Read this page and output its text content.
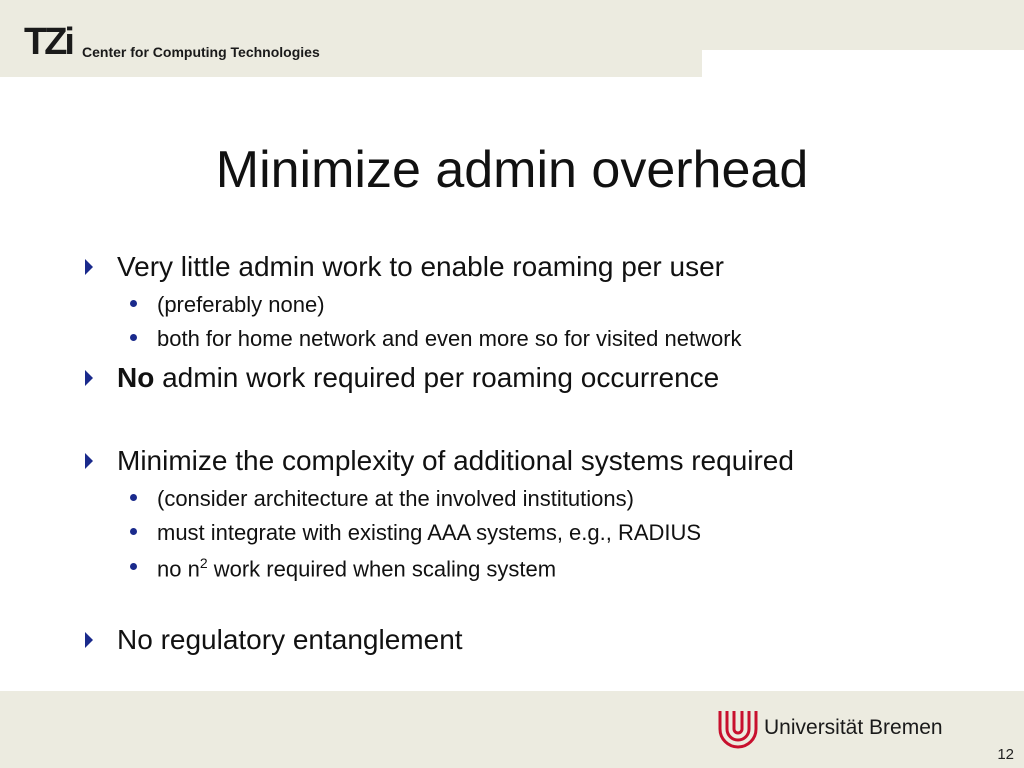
TZi Center for Computing Technologies
Minimize admin overhead
Very little admin work to enable roaming per user
(preferably none)
both for home network and even more so for visited network
No admin work required per roaming occurrence
Minimize the complexity of additional systems required
(consider architecture at the involved institutions)
must integrate with existing AAA systems, e.g., RADIUS
no $n^2$ work required when scaling system
No regulatory entanglement
Universität Bremen
12
